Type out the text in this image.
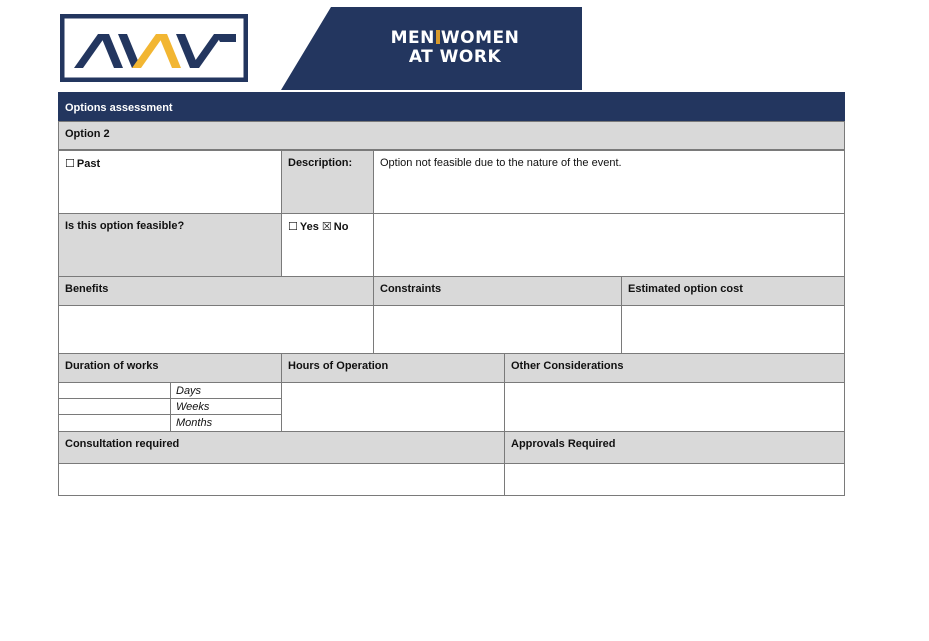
MEN WOMEN
AT WORK
Options assessment
Option 2
☐ Past	Description:	Option not feasible due to the nature of the event.
Is this option feasible?	☐ Yes ☒ No
Benefits	Constraints	Estimated option cost
Duration of works	Hours of Operation	Other Considerations
Days
Weeks
Months
Consultation required	Approvals Required
